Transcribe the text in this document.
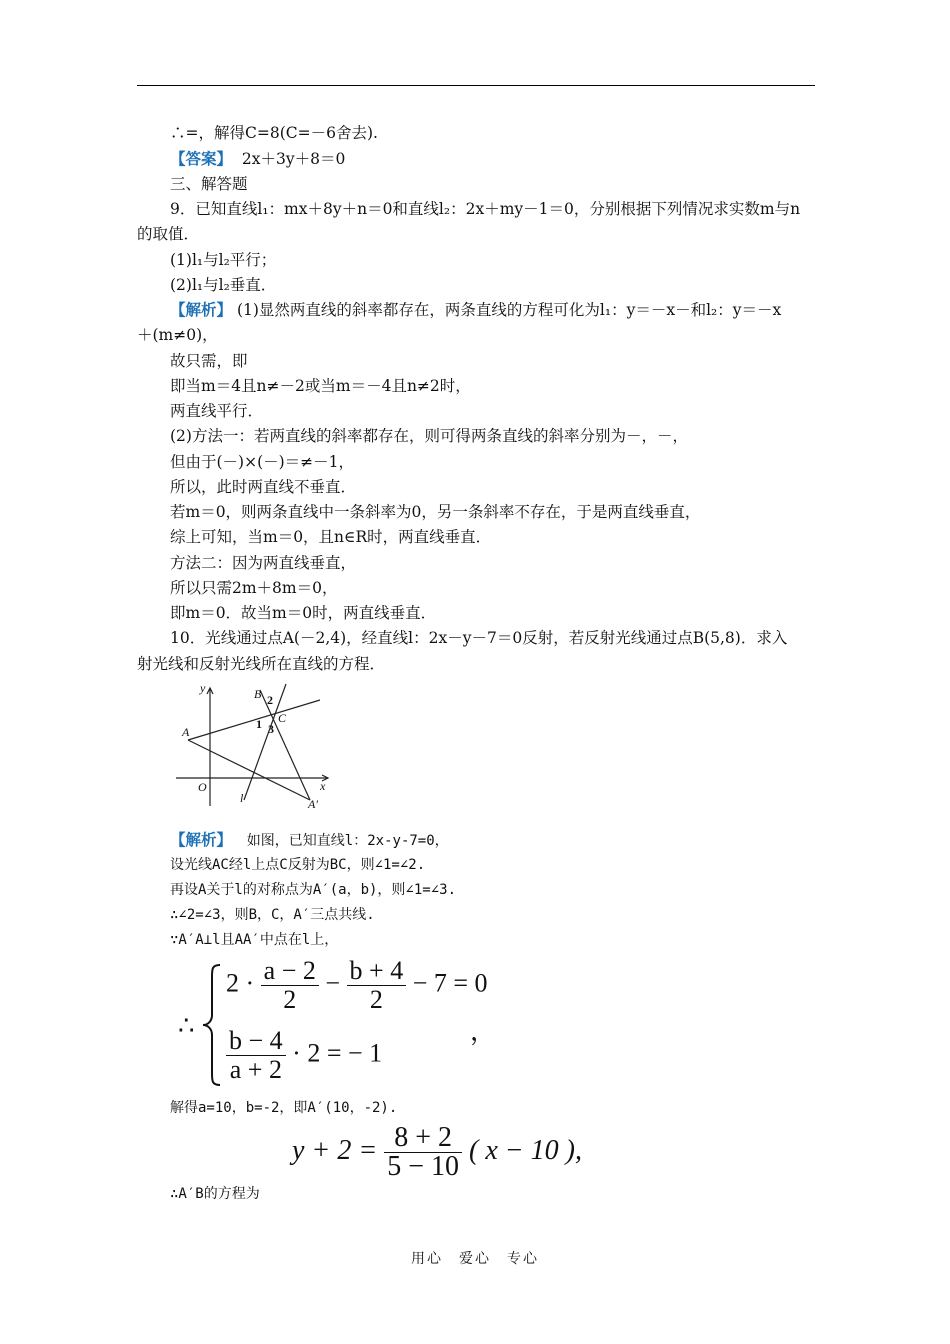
∴=，解得C=8(C=－6舍去).
【答案】 2x＋3y＋8＝0
三、解答题
9．已知直线l₁：mx＋8y＋n＝0和直线l₂：2x＋my－1＝0，分别根据下列情况求实数m与n
的取值．
(1)l₁与l₂平行；
(2)l₁与l₂垂直．
【解析】 (1)显然两直线的斜率都存在，两条直线的方程可化为l₁：y＝－x－和l₂：y＝－x
＋(m≠0)，
故只需，即
即当m＝4且n≠－2或当m＝－4且n≠2时，
两直线平行．
(2)方法一：若两直线的斜率都存在，则可得两条直线的斜率分别为－，－，
但由于(－)×(－)＝≠－1，
所以，此时两直线不垂直．
若m＝0，则两条直线中一条斜率为0，另一条斜率不存在，于是两直线垂直，
综上可知，当m＝0，且n∈R时，两直线垂直．
方法二：因为两直线垂直，
所以只需2m＋8m＝0，
即m＝0．故当m＝0时，两直线垂直．
10．光线通过点A(－2,4)，经直线l：2x－y－7＝0反射，若反射光线通过点B(5,8)．求入
射光线和反射光线所在直线的方程．
y	B 2
1 C
3
A
O
l
x
A′
【解析】 如图，已知直线l：2x-y-7=0，
设光线AC经l上点C反射为BC，则∠1=∠2.
再设A关于l的对称点为A′(a，b)，则∠1=∠3.
∴∠2=∠3，则B，C，A′三点共线.
∵A′A⊥l且AA′中点在l上，
∴
$2 \cdot \frac{a - 2}{2} - \frac{b + 4}{2} - 7 = 0$
$\frac{b - 4}{a + 2} \cdot 2$ = − 1
，
解得a=10，b=-2，即A′(10，-2).
$y + 2 = \frac{8 + 2}{5 - 10}$ ( x − 10 ),
∴A′B的方程为
用心　爱心　专心
